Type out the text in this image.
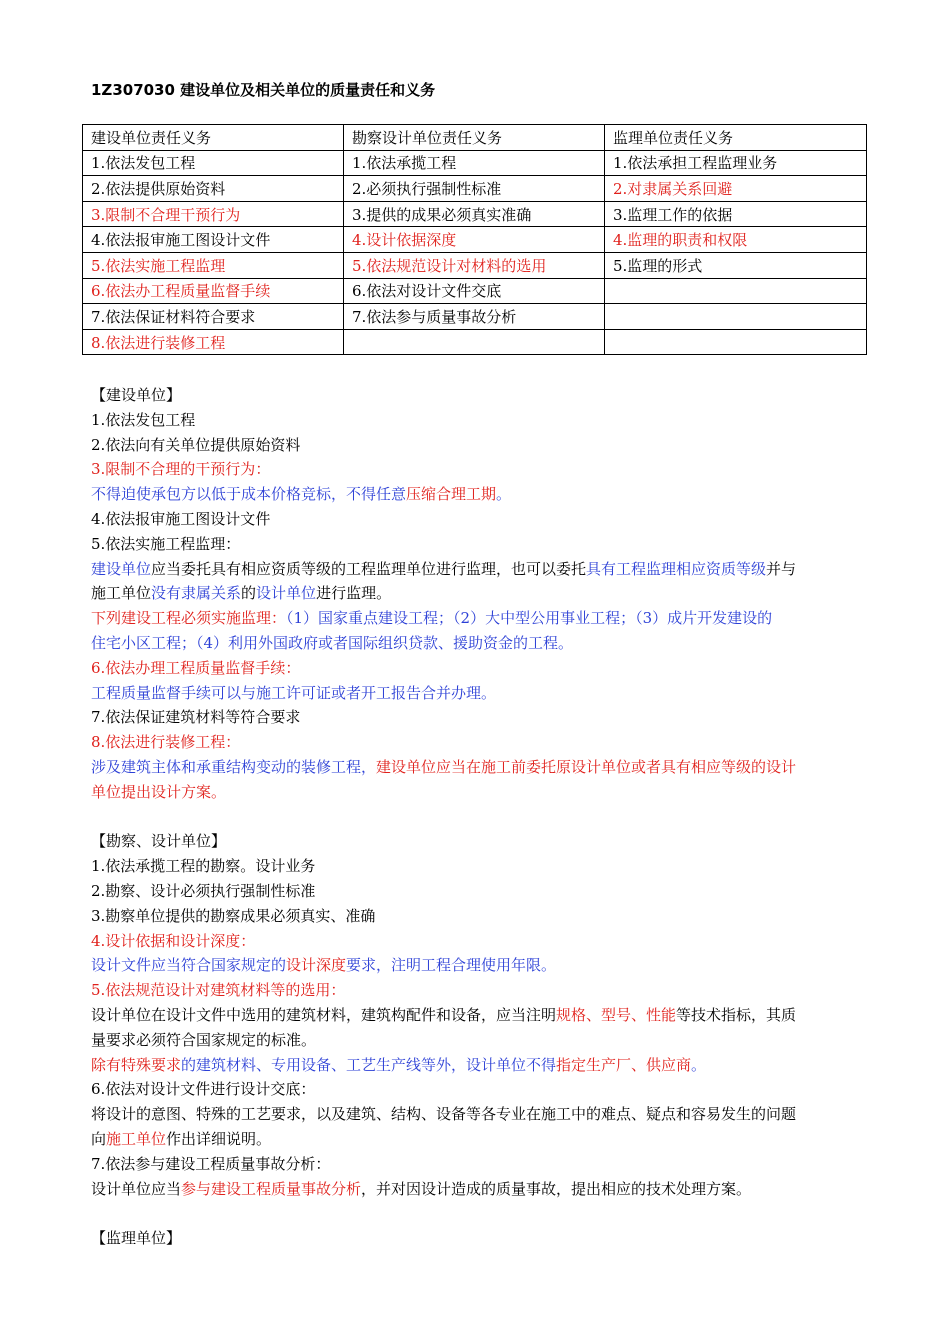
1Z307030 建设单位及相关单位的质量责任和义务
建设单位责任义务	勘察设计单位责任义务	监理单位责任义务
1.依法发包工程	1.依法承揽工程	1.依法承担工程监理业务
2.依法提供原始资料	2.必须执行强制性标准	2.对隶属关系回避
3.限制不合理干预行为	3.提供的成果必须真实准确	3.监理工作的依据
4.依法报审施工图设计文件	4.设计依据深度	4.监理的职责和权限
5.依法实施工程监理	5.依法规范设计对材料的选用	5.监理的形式
6.依法办工程质量监督手续	6.依法对设计文件交底	
7.依法保证材料符合要求	7.依法参与质量事故分析	
8.依法进行装修工程		

【建设单位】

1.依法发包工程

2.依法向有关单位提供原始资料

3.限制不合理的干预行为：

不得迫使承包方以低于成本价格竞标，不得任意压缩合理工期。

4.依法报审施工图设计文件

5.依法实施工程监理：

建设单位应当委托具有相应资质等级的工程监理单位进行监理，也可以委托具有工程监理相应资质等级并与

施工单位没有隶属关系的设计单位进行监理。

下列建设工程必须实施监理：（1）国家重点建设工程；（2）大中型公用事业工程；（3）成片开发建设的

住宅小区工程；（4）利用外国政府或者国际组织贷款、援助资金的工程。

6.依法办理工程质量监督手续：

工程质量监督手续可以与施工许可证或者开工报告合并办理。

7.依法保证建筑材料等符合要求

8.依法进行装修工程：

涉及建筑主体和承重结构变动的装修工程，建设单位应当在施工前委托原设计单位或者具有相应等级的设计

单位提出设计方案。

【勘察、设计单位】

1.依法承揽工程的勘察。设计业务

2.勘察、设计必须执行强制性标准

3.勘察单位提供的勘察成果必须真实、准确

4.设计依据和设计深度：

设计文件应当符合国家规定的设计深度要求，注明工程合理使用年限。

5.依法规范设计对建筑材料等的选用：

设计单位在设计文件中选用的建筑材料，建筑构配件和设备，应当注明规格、型号、性能等技术指标，其质

量要求必须符合国家规定的标准。

除有特殊要求的建筑材料、专用设备、工艺生产线等外，设计单位不得指定生产厂、供应商。

6.依法对设计文件进行设计交底：

将设计的意图、特殊的工艺要求，以及建筑、结构、设备等各专业在施工中的难点、疑点和容易发生的问题

向施工单位作出详细说明。

7.依法参与建设工程质量事故分析：

设计单位应当参与建设工程质量事故分析，并对因设计造成的质量事故，提出相应的技术处理方案。

【监理单位】
